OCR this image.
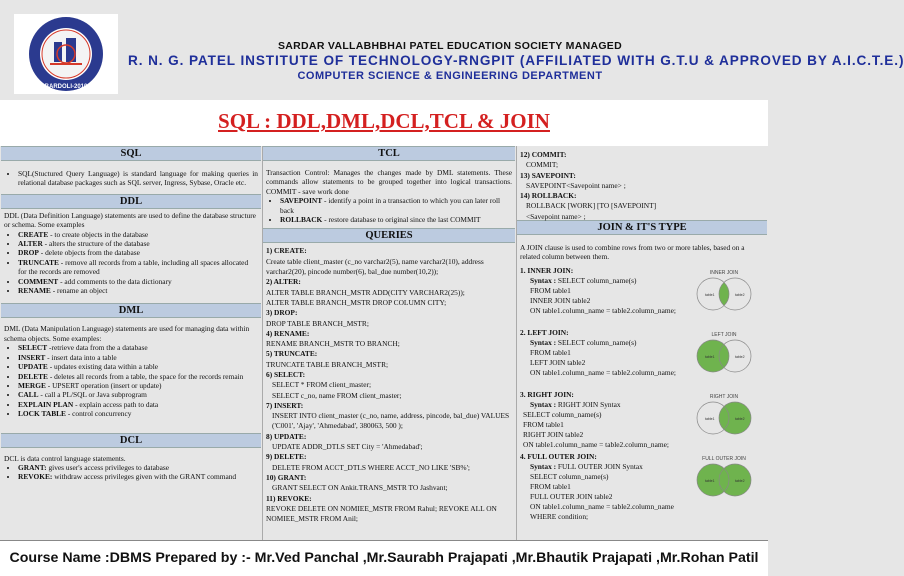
BARDOLI-2010
SARDAR VALLABHBHAI PATEL EDUCATION SOCIETY MANAGED
R. N. G. PATEL INSTITUTE OF TECHNOLOGY-RNGPIT (AFFILIATED WITH G.T.U & APPROVED BY A.I.C.T.E.)
COMPUTER SCIENCE & ENGINEERING DEPARTMENT
SQL : DDL,DML,DCL,TCL & JOIN
SQL
• SQL(Stuctured Query Language) is standard language for making queries in relational database packages such as SQL server, Ingress, Sybase, Oracle etc.
DDL
DDL (Data Definition Language) statements are used to define the database structure or schema. Some examples
• CREATE - to create objects in the database
• ALTER - alters the structure of the database
• DROP - delete objects from the database
• TRUNCATE - remove all records from a table, including all spaces allocated for the records are removed
• COMMENT - add comments to the data dictionary
• RENAME - rename an object
DML
DML (Data Manipulation Language) statements are used for managing data within schema objects. Some examples:
• SELECT -retrieve data from the a database
• INSERT - insert data into a table
• UPDATE - updates existing data within a table
• DELETE - deletes all records from a table, the space for the records remain
• MERGE - UPSERT operation (insert or update)
• CALL - call a PL/SQL or Java subprogram
• EXPLAIN PLAN - explain access path to data
• LOCK TABLE - control concurrency
DCL
DCL is data control language statements.
• GRANT: gives user's access privileges to database
• REVOKE: withdraw access privileges given with the GRANT command
TCL
Transaction Control: Manages the changes made by DML statements. These commands allow statements to be grouped together into logical transactions. COMMIT - save work done
• SAVEPOINT - identify a point in a transaction to which you can later roll back
• ROLLBACK - restore database to original since the last COMMIT
QUERIES
1) CREATE:
Create table client_master (c_no varchar2(5), name varchar2(10), address varchar2(20), pincode number(6), bal_due number(10,2));
2) ALTER:
ALTER TABLE BRANCH_MSTR ADD(CITY VARCHAR2(25));
ALTER TABLE BRANCH_MSTR DROP COLUMN CITY;
3) DROP:
DROP TABLE BRANCH_MSTR;
4) RENAME:
RENAME BRANCH_MSTR TO BRANCH;
5) TRUNCATE:
TRUNCATE TABLE BRANCH_MSTR;
6) SELECT:
SELECT * FROM client_master;
SELECT c_no, name FROM client_master;
7) INSERT:
INSERT INTO client_master (c_no, name, address, pincode, bal_due) VALUES ('C001', 'Ajay', 'Ahmedabad', 380063, 500 );
8) UPDATE:
UPDATE ADDR_DTLS SET City = 'Ahmedabad';
9) DELETE:
DELETE FROM ACCT_DTLS WHERE ACCT_NO LIKE 'SB%';
10) GRANT:
GRANT SELECT ON Ankit.TRANS_MSTR TO Jashvant;
11) REVOKE:
REVOKE DELETE ON NOMIEE_MSTR FROM Rahul; REVOKE ALL ON NOMIEE_MSTR FROM Anil;
12) COMMIT:
COMMIT;
13) SAVEPOINT:
SAVEPOINT<Savepoint name> ;
14) ROLLBACK:
ROLLBACK [WORK] [TO [SAVEPOINT]
<Savepoint name> ;
JOIN & IT'S TYPE
A JOIN clause is used to combine rows from two or more tables, based on a related column between them.
1. INNER JOIN:
Syntax : SELECT column_name(s)
FROM table1
INNER JOIN table2
ON table1.column_name = table2.column_name;
INNER JOIN
table1	table2
2. LEFT JOIN:
Syntax : SELECT column_name(s)
FROM table1
LEFT JOIN table2
ON table1.column_name = table2.column_name;
LEFT JOIN
table1	table2
3. RIGHT JOIN:
Syntax : RIGHT JOIN Syntax
SELECT column_name(s)
FROM table1
RIGHT JOIN table2
ON table1.column_name = table2.column_name;
RIGHT JOIN
table1	table2
4. FULL OUTER JOIN:
Syntax : FULL OUTER JOIN Syntax
SELECT column_name(s)
FROM table1
FULL OUTER JOIN table2
ON table1.column_name = table2.column_name
WHERE condition;
FULL OUTER JOIN
table1	table2
Course Name :DBMS Prepared by :- Mr.Ved Panchal ,Mr.Saurabh Prajapati ,Mr.Bhautik Prajapati ,Mr.Rohan Patil
